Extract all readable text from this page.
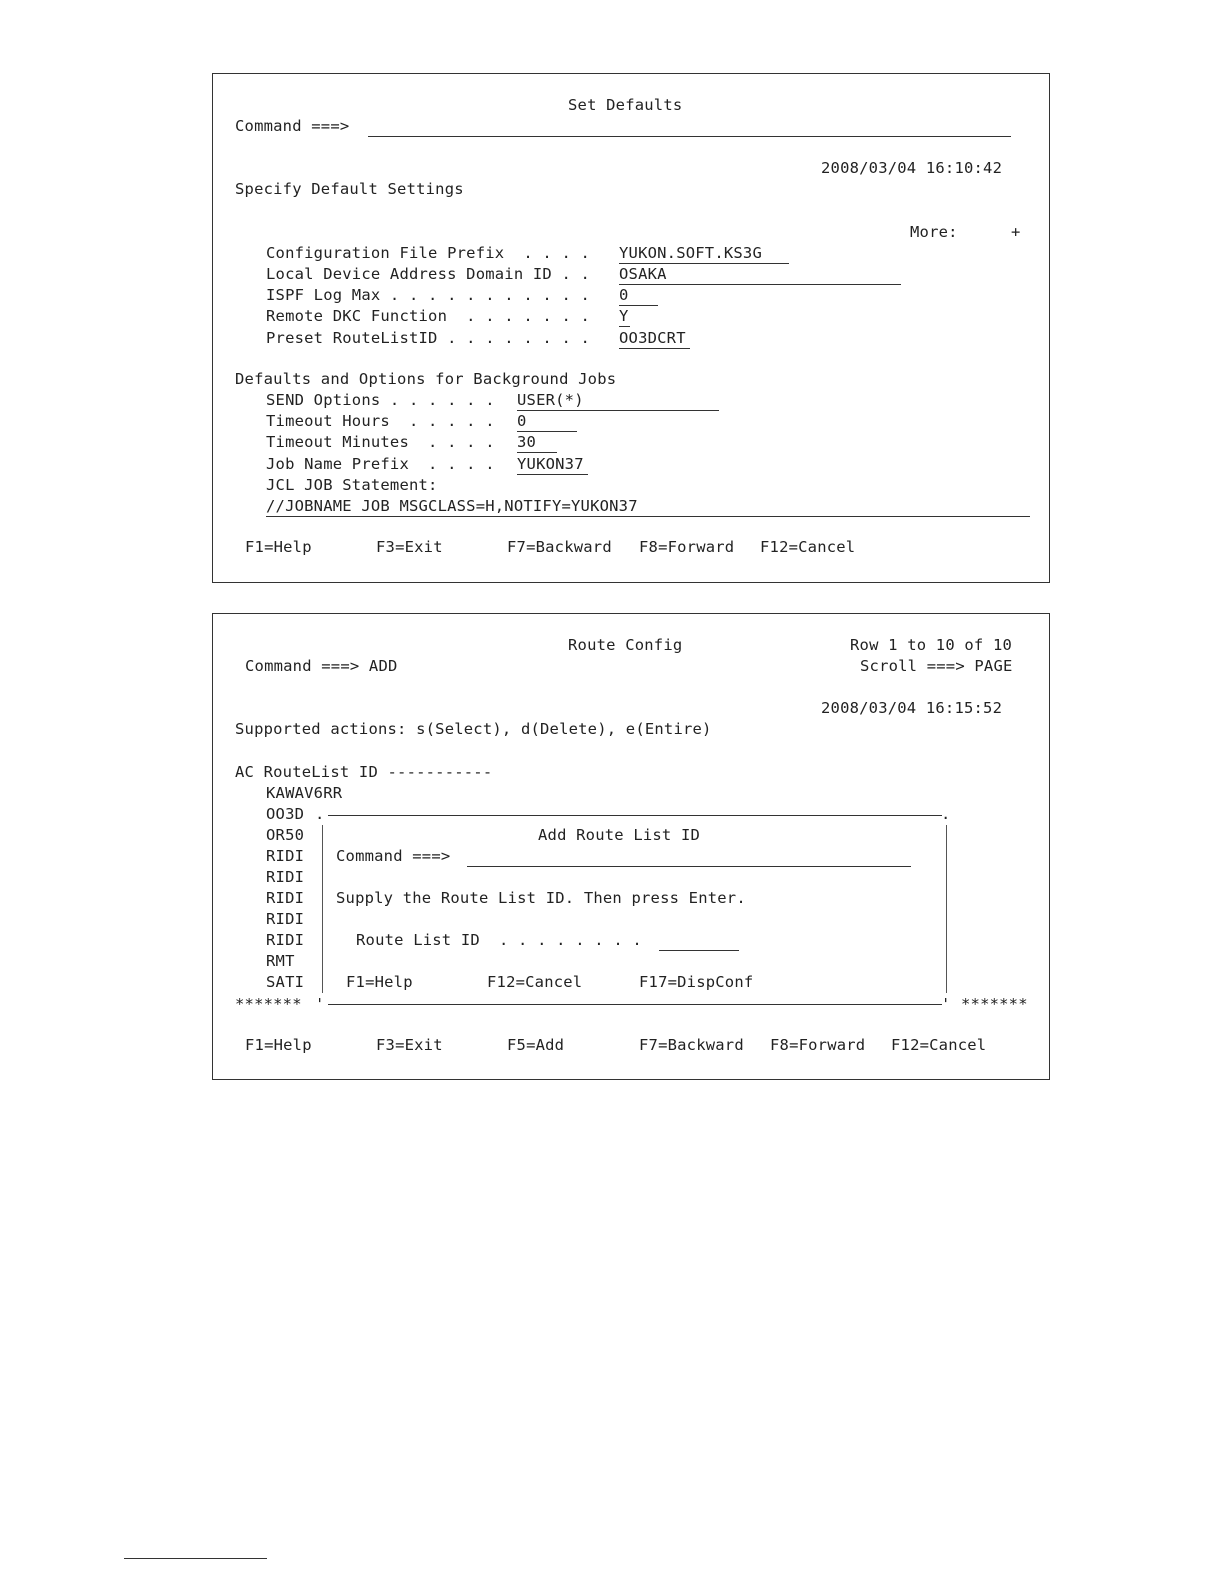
Set Defaults
Command ===>
2008/03/04 16:10:42
Specify Default Settings
More:	+
Configuration File Prefix  . . . . YUKON.SOFT.KS3G
Local Device Address Domain ID . . OSAKA
ISPF Log Max . . . . . . . . . . . 0
Remote DKC Function  . . . . . . . Y
Preset RouteListID . . . . . . . . OO3DCRT
Defaults and Options for Background Jobs
SEND Options . . . . . . USER(*)
Timeout Hours  . . . . . 0
Timeout Minutes  . . . . 30
Job Name Prefix  . . . . YUKON37
JCL JOB Statement:
//JOBNAME JOB MSGCLASS=H,NOTIFY=YUKON37
F1=Help	F3=Exit	F7=Backward F8=Forward F12=Cancel
Route Config	Row 1 to 10 of 10
Command ===> ADD	Scroll ===> PAGE
2008/03/04 16:15:52
Supported actions: s(Select), d(Delete), e(Entire)
AC RouteList ID -----------
KAWAV6RR
OO3D
OR50
RIDI
RIDI
RIDI
RIDI
RIDI
RMT
SATI
.	.
'	'
Add Route List ID
Command ===>
Supply the Route List ID. Then press Enter.
Route List ID  . . . . . . . .
F1=Help	F12=Cancel	F17=DispConf
*******	*******
F1=Help	F3=Exit	F5=Add	F7=Backward F8=Forward F12=Cancel
